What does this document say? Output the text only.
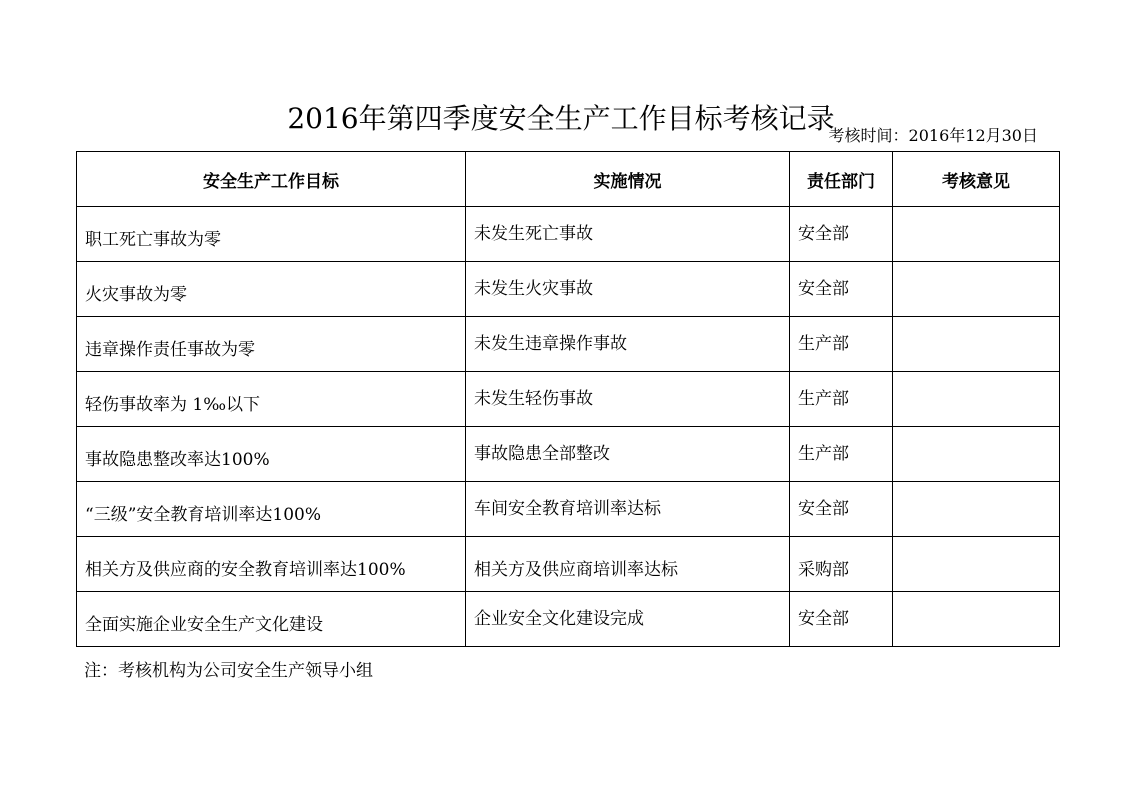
2016年第四季度安全生产工作目标考核记录
考核时间：2016年12月30日
安全生产工作目标	实施情况	责任部门	考核意见

职工死亡事故为零	未发生死亡事故	安全部	

火灾事故为零	未发生火灾事故	安全部	

违章操作责任事故为零	未发生违章操作事故	生产部	

轻伤事故率为 1‰以下	未发生轻伤事故	生产部	

事故隐患整改率达100%	事故隐患全部整改	生产部	

“三级”安全教育培训率达100%	车间安全教育培训率达标	安全部	

相关方及供应商的安全教育培训率达100%	相关方及供应商培训率达标	采购部	

全面实施企业安全生产文化建设	企业安全文化建设完成	安全部	

注：考核机构为公司安全生产领导小组
